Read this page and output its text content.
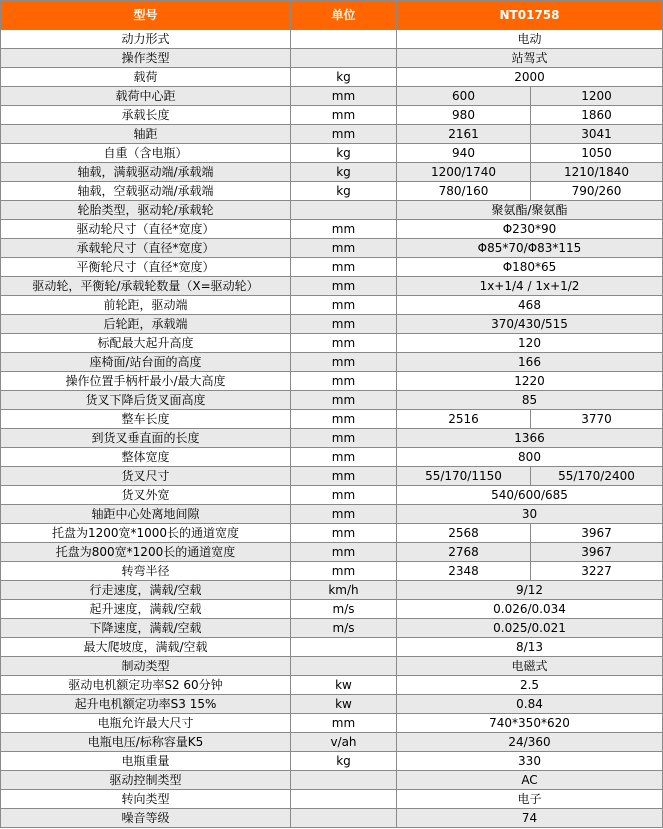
型号	单位	NT01758	
动力形式		电动	
操作类型		站驾式	
载荷	kg	2000	
载荷中心距	mm	600	1200
承载长度	mm	980	1860
轴距	mm	2161	3041
自重（含电瓶）	kg	940	1050
轴载，满载驱动端/承载端	kg	1200/1740	1210/1840
轴载，空载驱动端/承载端	kg	780/160	790/260
轮胎类型，驱动轮/承载轮		聚氨酯/聚氨酯	
驱动轮尺寸（直径*宽度）	mm	Φ230*90	
承载轮尺寸（直径*宽度）	mm	Φ85*70/Φ83*115	
平衡轮尺寸（直径*宽度）	mm	Φ180*65	
驱动轮，平衡轮/承载轮数量（X=驱动轮）	mm	1x+1/4 / 1x+1/2	
前轮距，驱动端	mm	468	
后轮距，承载端	mm	370/430/515	
标配最大起升高度	mm	120	
座椅面/站台面的高度	mm	166	
操作位置手柄杆最小/最大高度	mm	1220	
货叉下降后货叉面高度	mm	85	
整车长度	mm	2516	3770
到货叉垂直面的长度	mm	1366	
整体宽度	mm	800	
货叉尺寸	mm	55/170/1150	55/170/2400
货叉外宽	mm	540/600/685	
轴距中心处离地间隙	mm	30	
托盘为1200宽*1000长的通道宽度	mm	2568	3967
托盘为800宽*1200长的通道宽度	mm	2768	3967
转弯半径	mm	2348	3227
行走速度，满载/空载	km/h	9/12	
起升速度，满载/空载	m/s	0.026/0.034	
下降速度，满载/空载	m/s	0.025/0.021	
最大爬坡度，满载/空载		8/13	
制动类型		电磁式	
驱动电机额定功率S2 60分钟	kw	2.5	
起升电机额定功率S3 15%	kw	0.84	
电瓶允许最大尺寸	mm	740*350*620	
电瓶电压/标称容量K5	v/ah	24/360	
电瓶重量	kg	330	
驱动控制类型		AC	
转向类型		电子	
噪音等级		74	
